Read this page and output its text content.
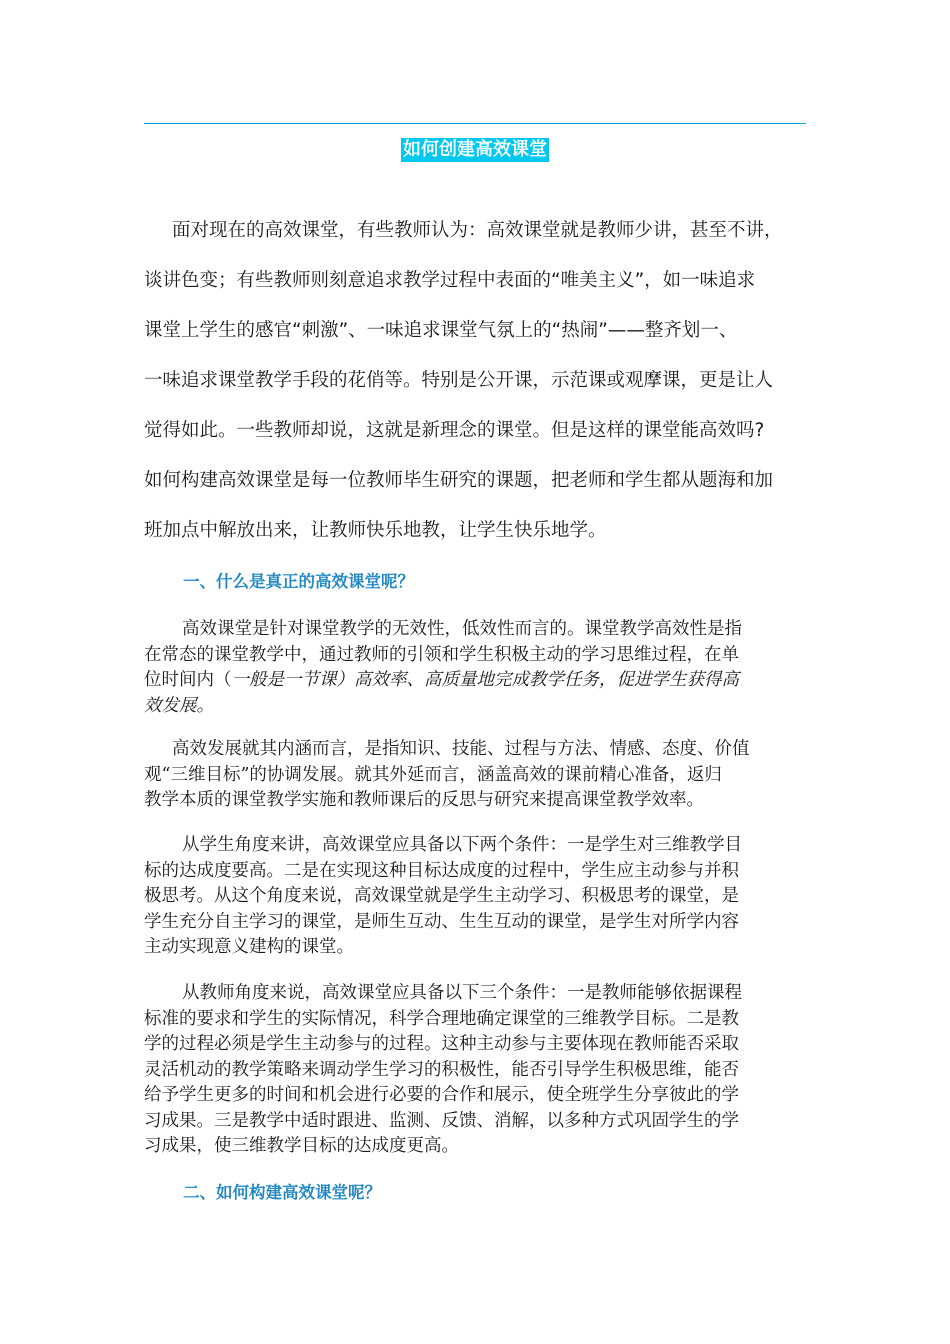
如何创建高效课堂

面对现在的高效课堂，有些教师认为：高效课堂就是教师少讲，甚至不讲，
谈讲色变；有些教师则刻意追求教学过程中表面的“唯美主义”，如一味追求
课堂上学生的感官“刺激”、一味追求课堂气氛上的“热闹”——整齐划一、
一味追求课堂教学手段的花俏等。特别是公开课，示范课或观摩课，更是让人
觉得如此。一些教师却说，这就是新理念的课堂。但是这样的课堂能高效吗?
如何构建高效课堂是每一位教师毕生研究的课题，把老师和学生都从题海和加
班加点中解放出来，让教师快乐地教，让学生快乐地学。

一、什么是真正的高效课堂呢？

高效课堂是针对课堂教学的无效性，低效性而言的。课堂教学高效性是指
在常态的课堂教学中，通过教师的引领和学生积极主动的学习思维过程，在单
位时间内（一般是一节课）高效率、高质量地完成教学任务，促进学生获得高
效发展。

高效发展就其内涵而言，是指知识、技能、过程与方法、情感、态度、价值
观“三维目标”的协调发展。就其外延而言，涵盖高效的课前精心准备，返归
教学本质的课堂教学实施和教师课后的反思与研究来提高课堂教学效率。

从学生角度来讲，高效课堂应具备以下两个条件：一是学生对三维教学目
标的达成度要高。二是在实现这种目标达成度的过程中，学生应主动参与并积
极思考。从这个角度来说，高效课堂就是学生主动学习、积极思考的课堂，是
学生充分自主学习的课堂，是师生互动、生生互动的课堂，是学生对所学内容
主动实现意义建构的课堂。

从教师角度来说，高效课堂应具备以下三个条件：一是教师能够依据课程
标准的要求和学生的实际情况，科学合理地确定课堂的三维教学目标。二是教
学的过程必须是学生主动参与的过程。这种主动参与主要体现在教师能否采取
灵活机动的教学策略来调动学生学习的积极性，能否引导学生积极思维，能否
给予学生更多的时间和机会进行必要的合作和展示，使全班学生分享彼此的学
习成果。三是教学中适时跟进、监测、反馈、消解，以多种方式巩固学生的学
习成果，使三维教学目标的达成度更高。

二、如何构建高效课堂呢？
